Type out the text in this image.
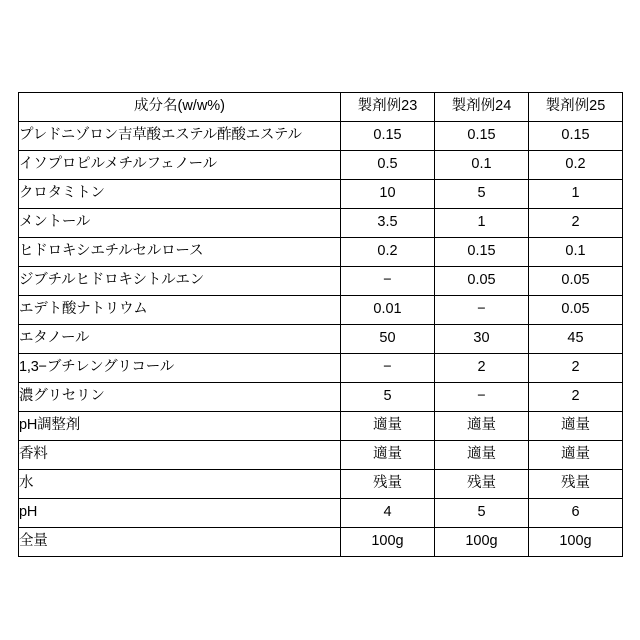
成分名(w/w%)	製剤例23	製剤例24	製剤例25

プレドニゾロン吉草酸エステル酢酸エステル	0.15	0.15	0.15

イソプロピルメチルフェノール	0.5	0.1	0.2

クロタミトン	10	5	1

メントール	3.5	1	2

ヒドロキシエチルセルロース	0.2	0.15	0.1

ジブチルヒドロキシトルエン	−	0.05	0.05

エデト酸ナトリウム	0.01	−	0.05

エタノール	50	30	45

1,3−ブチレングリコール	−	2	2

濃グリセリン	5	−	2

pH調整剤	適量	適量	適量

香料	適量	適量	適量

水	残量	残量	残量

pH	4	5	6

全量	100g	100g	100g
